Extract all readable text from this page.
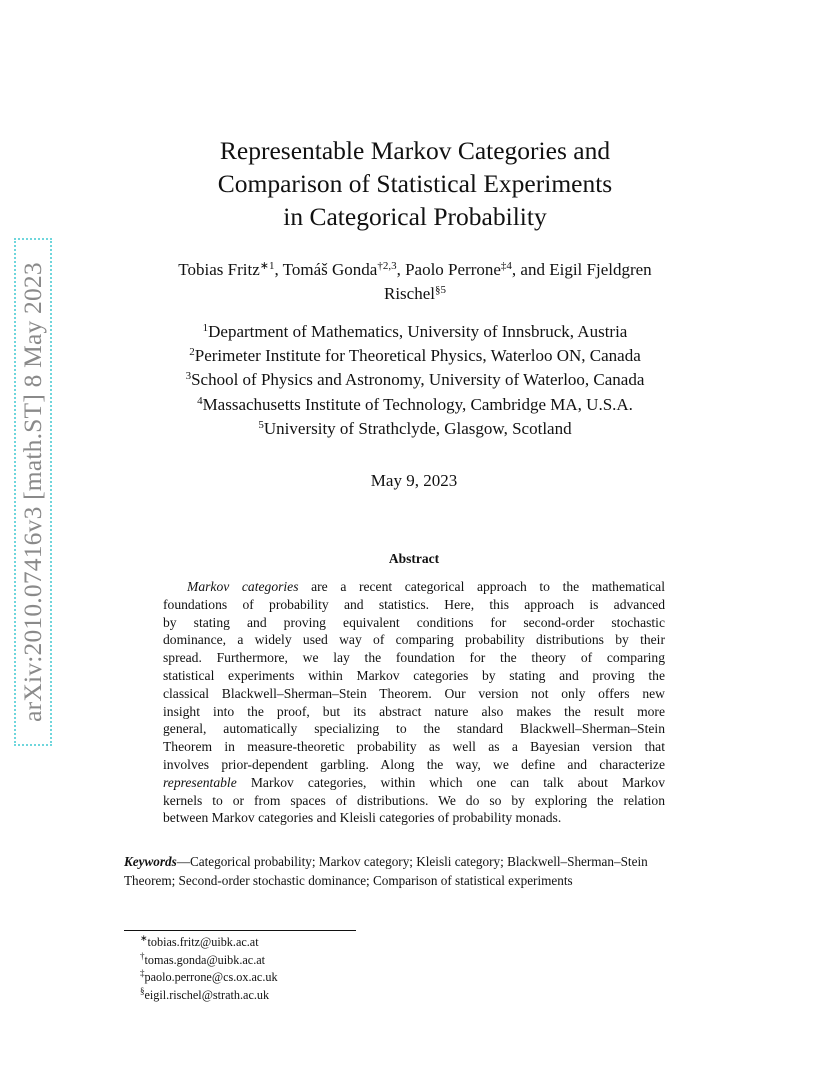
arXiv:2010.07416v3 [math.ST] 8 May 2023
Representable Markov Categories and
Comparison of Statistical Experiments
in Categorical Probability
Tobias Fritz$^{∗1}$, Tomáš Gonda$^{\dagger 2,3}$, Paolo Perrone$^{\ddagger 4}$, and Eigil Fjeldgren
Rischel$^{\S 5}$
$^1$Department of Mathematics, University of Innsbruck, Austria
$^2$Perimeter Institute for Theoretical Physics, Waterloo ON, Canada
$^3$School of Physics and Astronomy, University of Waterloo, Canada
$^4$Massachusetts Institute of Technology, Cambridge MA, U.S.A.
$^5$University of Strathclyde, Glasgow, Scotland
May 9, 2023
Abstract
Markov categories are a recent categorical approach to the mathematical
foundations of probability and statistics. Here, this approach is advanced
by stating and proving equivalent conditions for second-order stochastic
dominance, a widely used way of comparing probability distributions by their
spread. Furthermore, we lay the foundation for the theory of comparing
statistical experiments within Markov categories by stating and proving the
classical Blackwell–Sherman–Stein Theorem. Our version not only offers new
insight into the proof, but its abstract nature also makes the result more
general, automatically specializing to the standard Blackwell–Sherman–Stein
Theorem in measure-theoretic probability as well as a Bayesian version that
involves prior-dependent garbling. Along the way, we define and characterize
representable Markov categories, within which one can talk about Markov
kernels to or from spaces of distributions. We do so by exploring the relation
between Markov categories and Kleisli categories of probability monads.
Keywords—Categorical probability; Markov category; Kleisli category; Blackwell–Sherman–Stein
Theorem; Second-order stochastic dominance; Comparison of statistical experiments
∗tobias.fritz@uibk.ac.at
†tomas.gonda@uibk.ac.at
‡paolo.perrone@cs.ox.ac.uk
§eigil.rischel@strath.ac.uk
